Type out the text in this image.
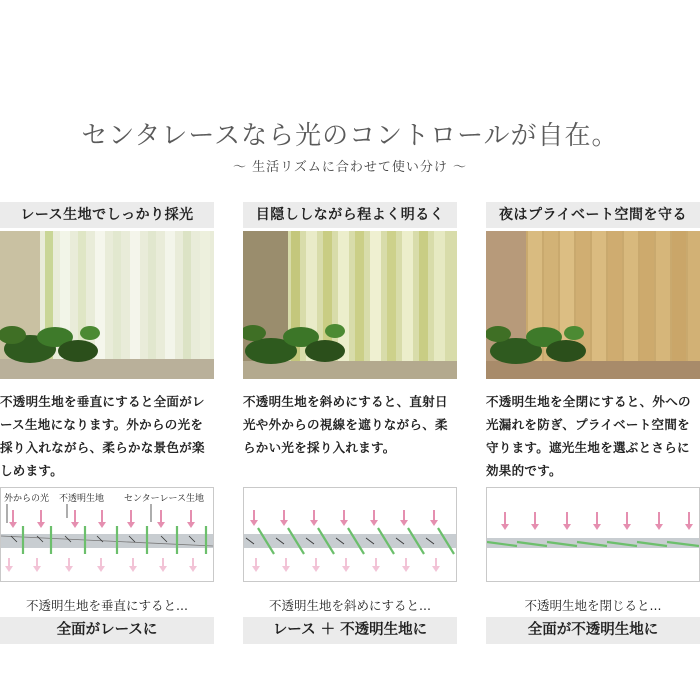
センタレースなら光のコントロールが自在。
〜 生活リズムに合わせて使い分け 〜
レース生地でしっかり採光
不透明生地を垂直にすると全面がレース生地になります。外からの光を採り入れながら、柔らかな景色が楽しめます。
目隠ししながら程よく明るく
不透明生地を斜めにすると、直射日光や外からの視線を遮りながら、柔らかい光を採り入れます。
夜はプライベート空間を守る
不透明生地を全閉にすると、外への光漏れを防ぎ、プライベート空間を守ります。遮光生地を選ぶとさらに効果的です。
外からの光 不透明生地 センターレース生地
不透明生地を垂直にすると...	不透明生地を斜めにすると...	不透明生地を閉じると...
全面がレースに	レース ＋ 不透明生地に	全面が不透明生地に
